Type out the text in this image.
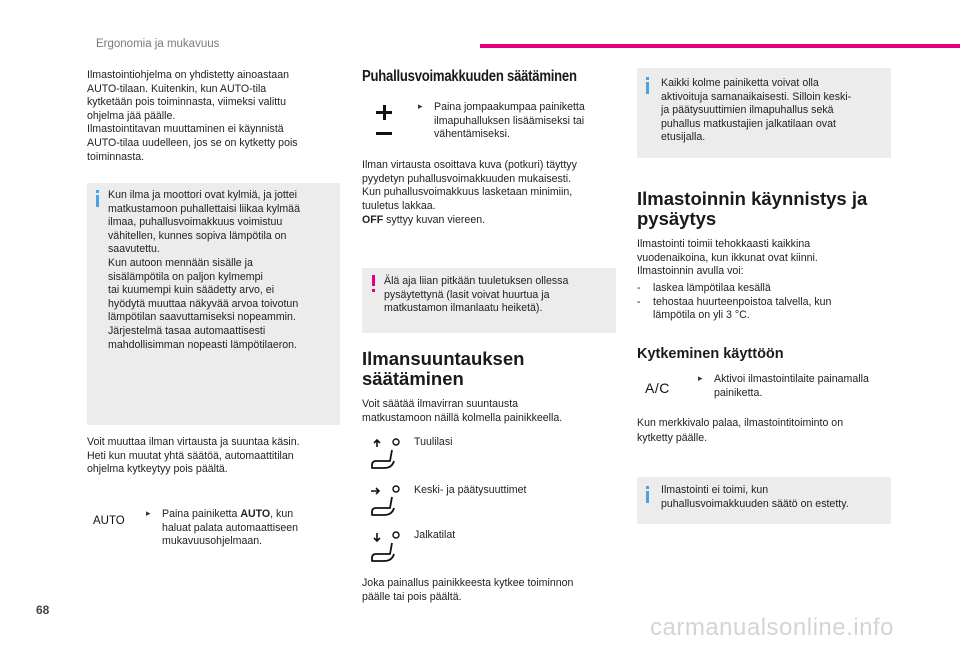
Ergonomia ja mukavuus

Ilmastointiohjelma on yhdistetty ainoastaan
AUTO-tilaan. Kuitenkin, kun AUTO-tila
kytketään pois toiminnasta, viimeksi valittu
ohjelma jää päälle.
Ilmastointitavan muuttaminen ei käynnistä
AUTO-tilaa uudelleen, jos se on kytketty pois
toiminnasta.

Kun ilma ja moottori ovat kylmiä, ja jottei
matkustamoon puhallettaisi liikaa kylmää
ilmaa, puhallusvoimakkuus voimistuu
vähitellen, kunnes sopiva lämpötila on
saavutettu.
Kun autoon mennään sisälle ja
sisälämpötila on paljon kylmempi
tai kuumempi kuin säädetty arvo, ei
hyödytä muuttaa näkyvää arvoa toivotun
lämpötilan saavuttamiseksi nopeammin.
Järjestelmä tasaa automaattisesti
mahdollisimman nopeasti lämpötilaeron.

Voit muuttaa ilman virtausta ja suuntaa käsin.
Heti kun muutat yhtä säätöä, automaattitilan
ohjelma kytkeytyy pois päältä.

AUTO
▸	Paina painiketta AUTO, kun
haluat palata automaattiseen
mukavuusohjelmaan.

Puhallusvoimakkuuden säätäminen
▸	Paina jompaakumpaa painiketta
ilmapuhalluksen lisäämiseksi tai
vähentämiseksi.

Ilman virtausta osoittava kuva (potkuri) täyttyy
pyydetyn puhallusvoimakkuuden mukaisesti.
Kun puhallusvoimakkuus lasketaan minimiin,
tuuletus lakkaa.

OFF syttyy kuvan viereen.

Älä aja liian pitkään tuuletuksen ollessa
pysäytettynä (lasit voivat huurtua ja
matkustamon ilmanlaatu heiketä).

Ilmansuuntauksen
säätäminen

Voit säätää ilmavirran suuntausta
matkustamoon näillä kolmella painikkeella.

Tuulilasi
Keski- ja päätysuuttimet
Jalkatilat

Joka painallus painikkeesta kytkee toiminnon
päälle tai pois päältä.

Kaikki kolme painiketta voivat olla
aktivoituja samanaikaisesti. Silloin keski-
ja päätysuuttimien ilmapuhallus sekä
puhallus matkustajien jalkatilaan ovat
etusijalla.

Ilmastoinnin käynnistys ja
pysäytys

Ilmastointi toimii tehokkaasti kaikkina
vuodenaikoina, kun ikkunat ovat kiinni.
Ilmastoinnin avulla voi:

-	laskea lämpötilaa kesällä
-	tehostaa huurteenpoistoa talvella, kun
lämpötila on yli 3 °C.
Kytkeminen käyttöön
A/C
▸	Aktivoi ilmastointilaite painamalla
painiketta.

Kun merkkivalo palaa, ilmastointitoiminto on
kytketty päälle.

Ilmastointi ei toimi, kun
puhallusvoimakkuuden säätö on estetty.

68
carmanualsonline.info
